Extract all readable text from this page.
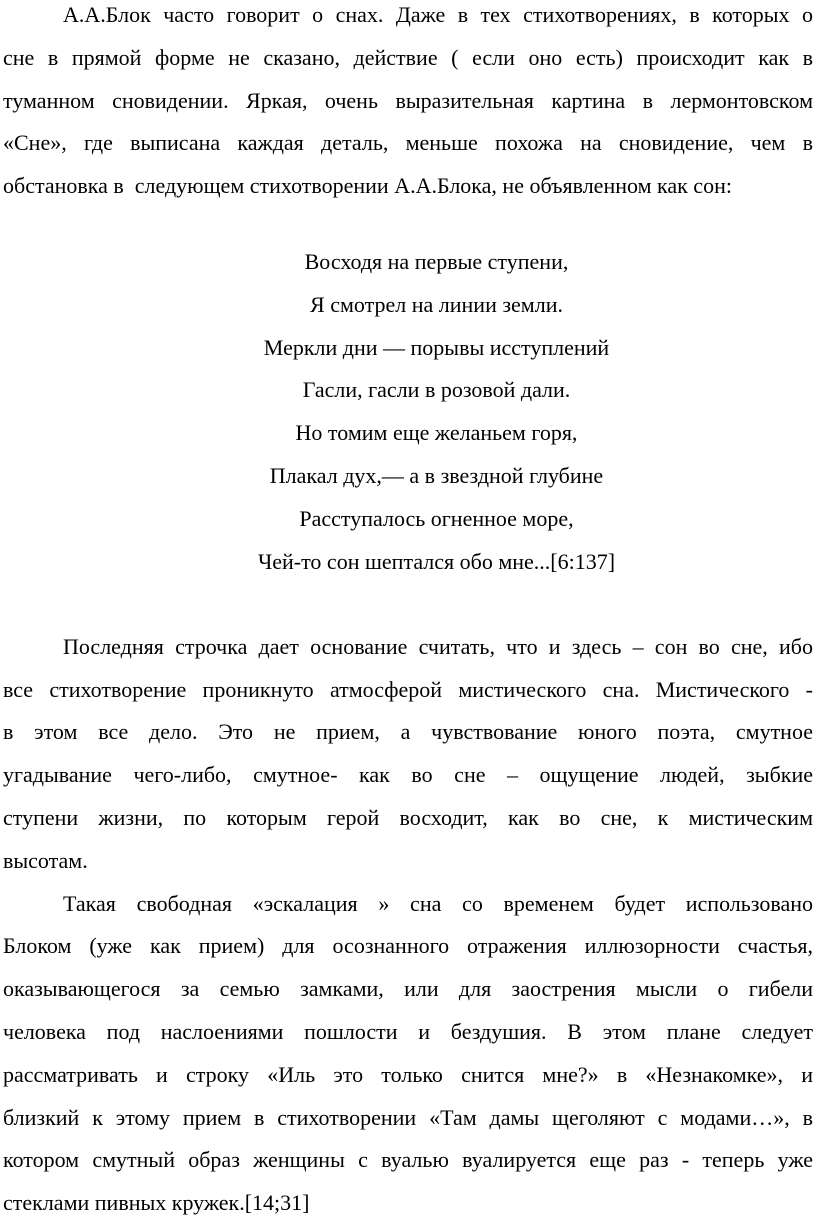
А.А.Блок часто говорит о снах. Даже в тех стихотворениях, в которых о
сне в прямой форме не сказано, действие ( если оно есть) происходит как в
туманном сновидении. Яркая, очень выразительная картина в лермонтовском
«Сне», где выписана каждая деталь, меньше похожа на сновидение, чем в
обстановка в  следующем стихотворении А.А.Блока, не объявленном как сон:
Восходя на первые ступени,
Я смотрел на линии земли.
Меркли дни — порывы исступлений
Гасли, гасли в розовой дали.
Но томим еще желаньем горя,
Плакал дух,— а в звездной глубине
Расступалось огненное море,
Чей-то сон шептался обо мне...[6:137]
Последняя строчка дает основание считать, что и здесь – сон во сне, ибо
все стихотворение проникнуто атмосферой мистического сна. Мистического -
в этом все дело. Это не прием, а чувствование юного поэта, смутное
угадывание чего-либо, смутное- как во сне – ощущение людей, зыбкие
ступени жизни, по которым герой восходит, как во сне, к мистическим
высотам.
Такая свободная «эскалация » сна со временем будет использовано
Блоком (уже как прием) для осознанного отражения иллюзорности счастья,
оказывающегося за семью замками, или для заострения мысли о гибели
человека под наслоениями пошлости и бездушия. В этом плане следует
рассматривать и строку «Иль это только снится мне?» в «Незнакомке», и
близкий к этому прием в стихотворении «Там дамы щеголяют с модами…», в
котором смутный образ женщины с вуалью вуалируется еще раз - теперь уже
стеклами пивных кружек.[14;31]
